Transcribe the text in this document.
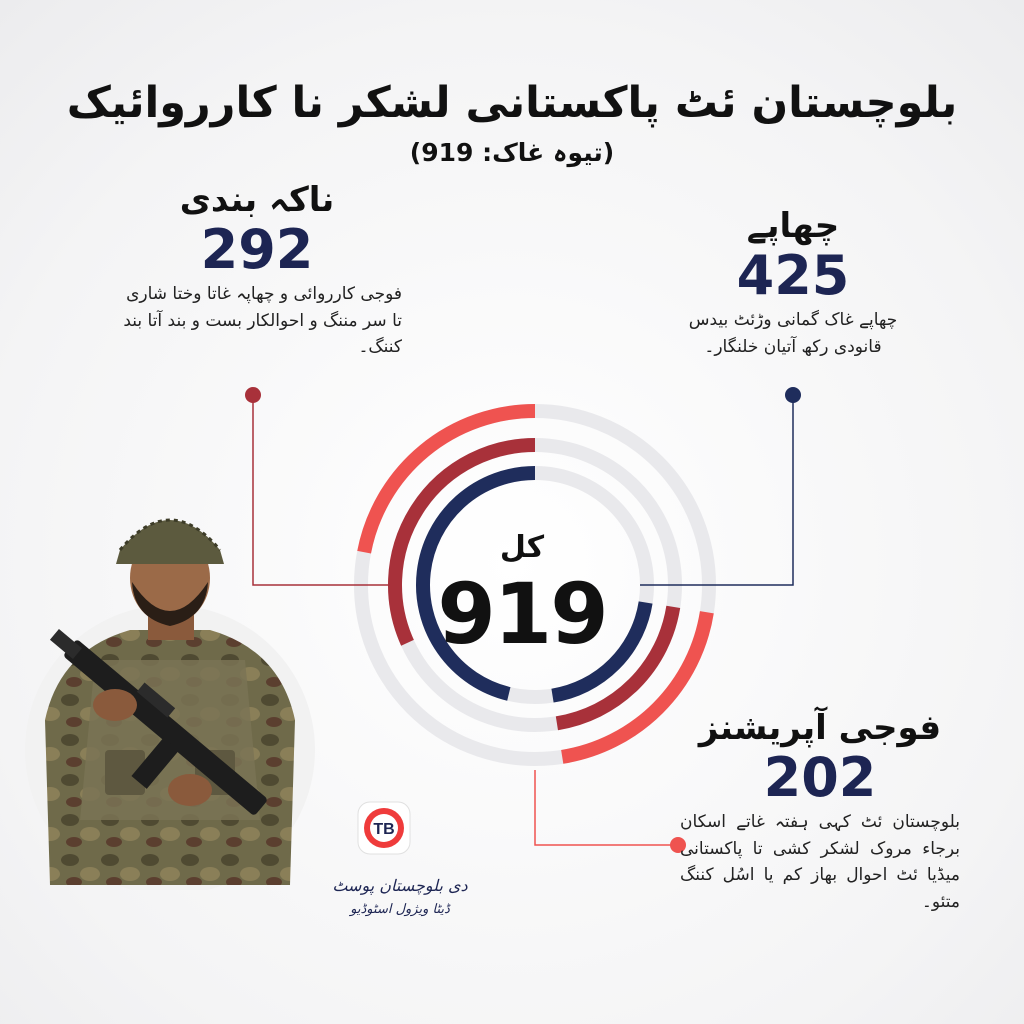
بلوچستان ئٹ پاکستانی لشکر نا کارروائیک
(تیوہ غاک: 919)
کل
919
ناکہ بندی
292
فوجی کارروائی و چھاپہ غاتا وختا شاری تا سر مننگ و احوالکار بست و بند آتا بند کننگ۔
چھاپے
425
چھاپے غاک گمانی وڑئٹ بیدس قانودی رکھ آتیان خلنگار۔
فوجی آپریشنز
202
بلوچستان ئٹ کہی ہفتہ غاتے اسکان برجاء مروک لشکر کشی تا پاکستانی میڈیا ئٹ احوال بھاز کم یا اسُل کننگ متئو۔
TB
دی بلوچستان پوسٹ
ڈیٹا ویژول اسٹوڈیو
